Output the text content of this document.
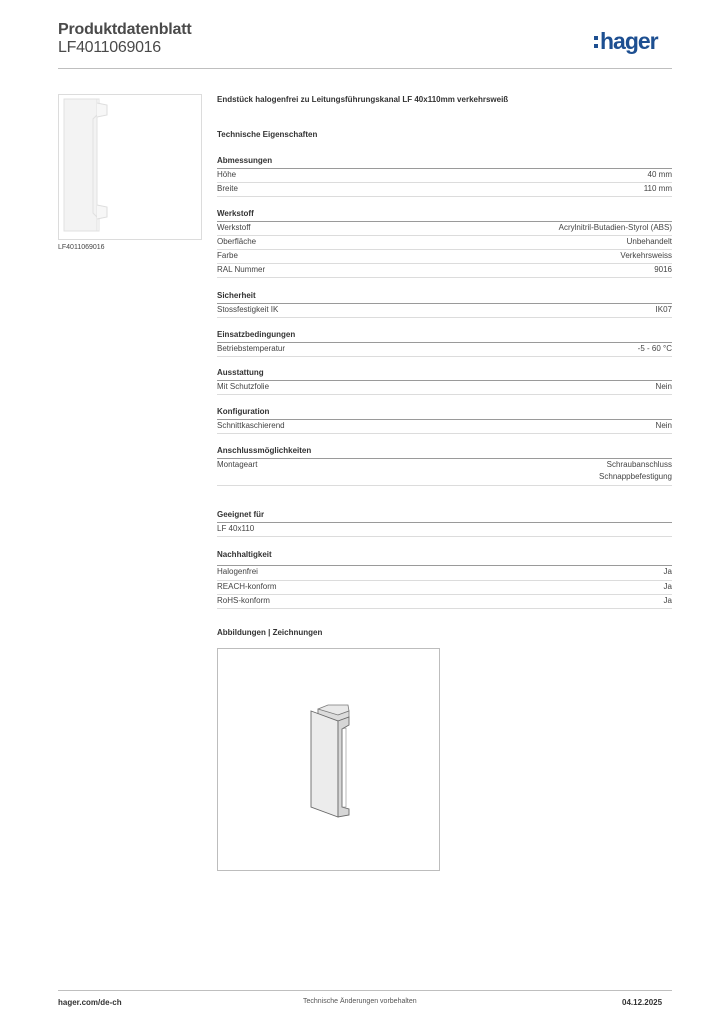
Produktdatenblatt
LF4011069016	hager
LF4011069016
Endstück halogenfrei zu Leitungsführungskanal LF 40x110mm verkehrsweiß
Technische Eigenschaften
Abmessungen
Höhe	40 mm
Breite	110 mm
Werkstoff
Werkstoff	Acrylnitril-Butadien-Styrol (ABS)
Oberfläche	Unbehandelt
Farbe	Verkehrsweiss
RAL Nummer	9016
Sicherheit
Stossfestigkeit IK	IK07
Einsatzbedingungen
Betriebstemperatur	-5 - 60 °C
Ausstattung
Mit Schutzfolie	Nein
Konfiguration
Schnittkaschierend	Nein
Anschlussmöglichkeiten
Montageart	Schraubanschluss
Schnappbefestigung
Geeignet für
LF 40x110
Nachhaltigkeit
Halogenfrei	Ja
REACH-konform	Ja
RoHS-konform	Ja
Abbildungen | Zeichnungen
hager.com/de-ch	Technische Änderungen vorbehalten	04.12.2025
